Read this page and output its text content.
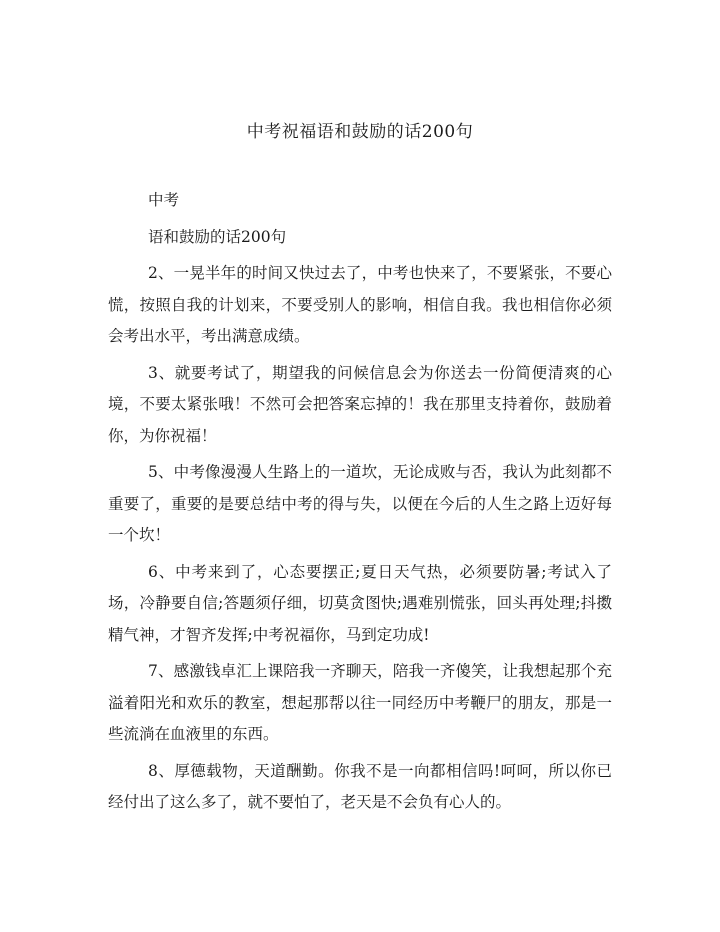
中考祝福语和鼓励的话200句

中考

语和鼓励的话200句

2、一晃半年的时间又快过去了，中考也快来了，不要紧张，不要心慌，按照自我的计划来，不要受别人的影响，相信自我。我也相信你必须会考出水平，考出满意成绩。

3、就要考试了，期望我的问候信息会为你送去一份简便清爽的心境，不要太紧张哦！不然可会把答案忘掉的！我在那里支持着你，鼓励着你，为你祝福！

5、中考像漫漫人生路上的一道坎，无论成败与否，我认为此刻都不重要了，重要的是要总结中考的得与失，以便在今后的人生之路上迈好每一个坎！

6、中考来到了，心态要摆正;夏日天气热，必须要防暑;考试入了场，冷静要自信;答题须仔细，切莫贪图快;遇难别慌张，回头再处理;抖擞精气神，才智齐发挥;中考祝福你，马到定功成!

7、感激钱卓汇上课陪我一齐聊天，陪我一齐傻笑，让我想起那个充溢着阳光和欢乐的教室，想起那帮以往一同经历中考鞭尸的朋友，那是一些流淌在血液里的东西。

8、厚德载物，天道酬勤。你我不是一向都相信吗!呵呵，所以你已经付出了这么多了，就不要怕了，老天是不会负有心人的。
